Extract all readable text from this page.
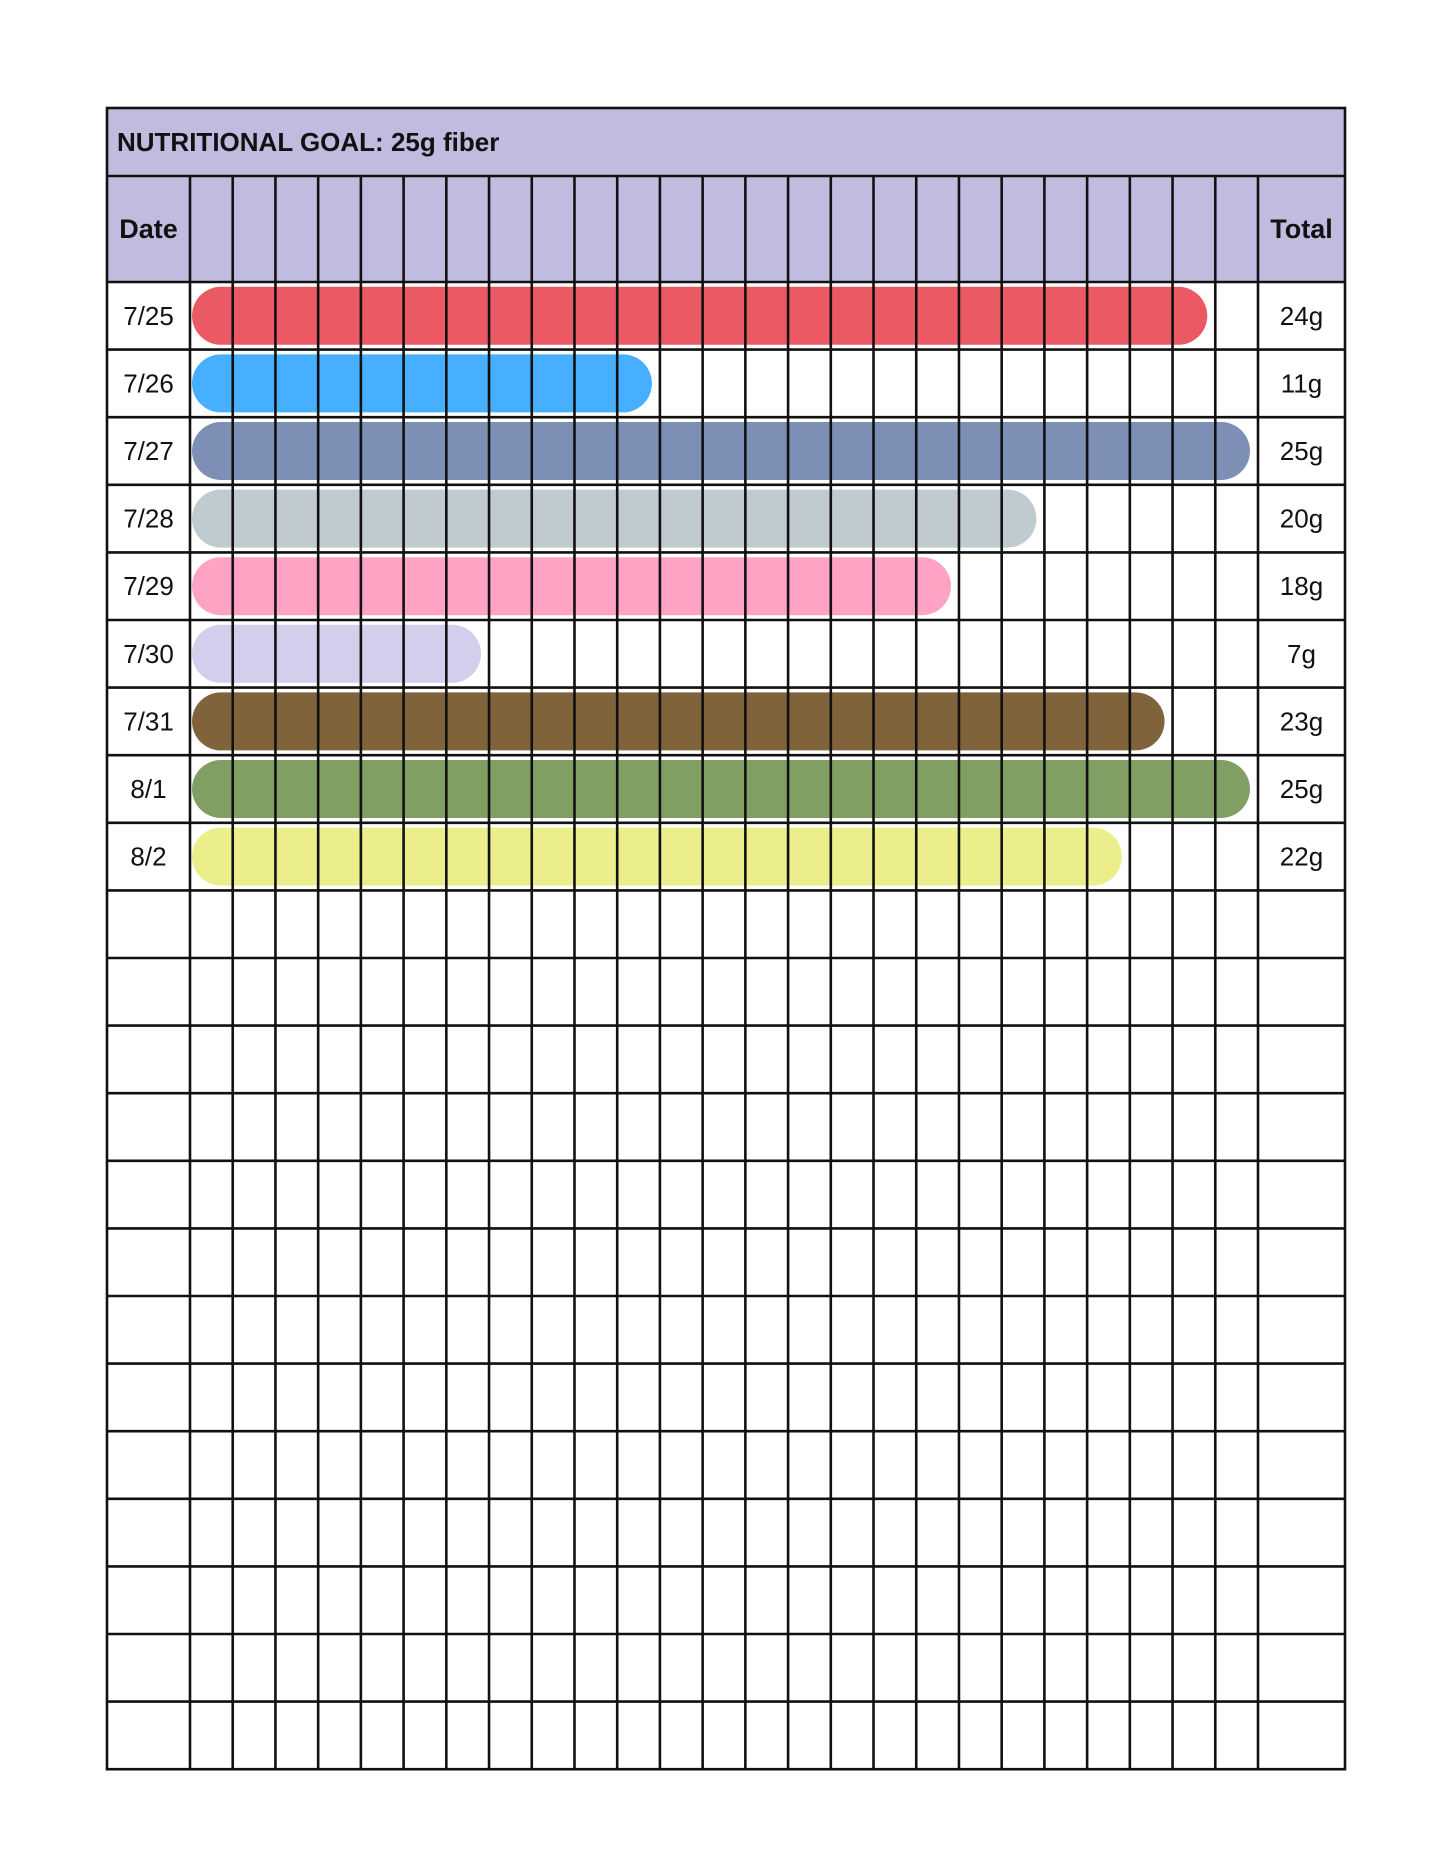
NUTRITIONAL GOAL: 25g fiber
Date	Total
7/25	24g
7/26	11g
7/27	25g
7/28	20g
7/29	18g
7/30	7g
7/31	23g
8/1	25g
8/2	22g
